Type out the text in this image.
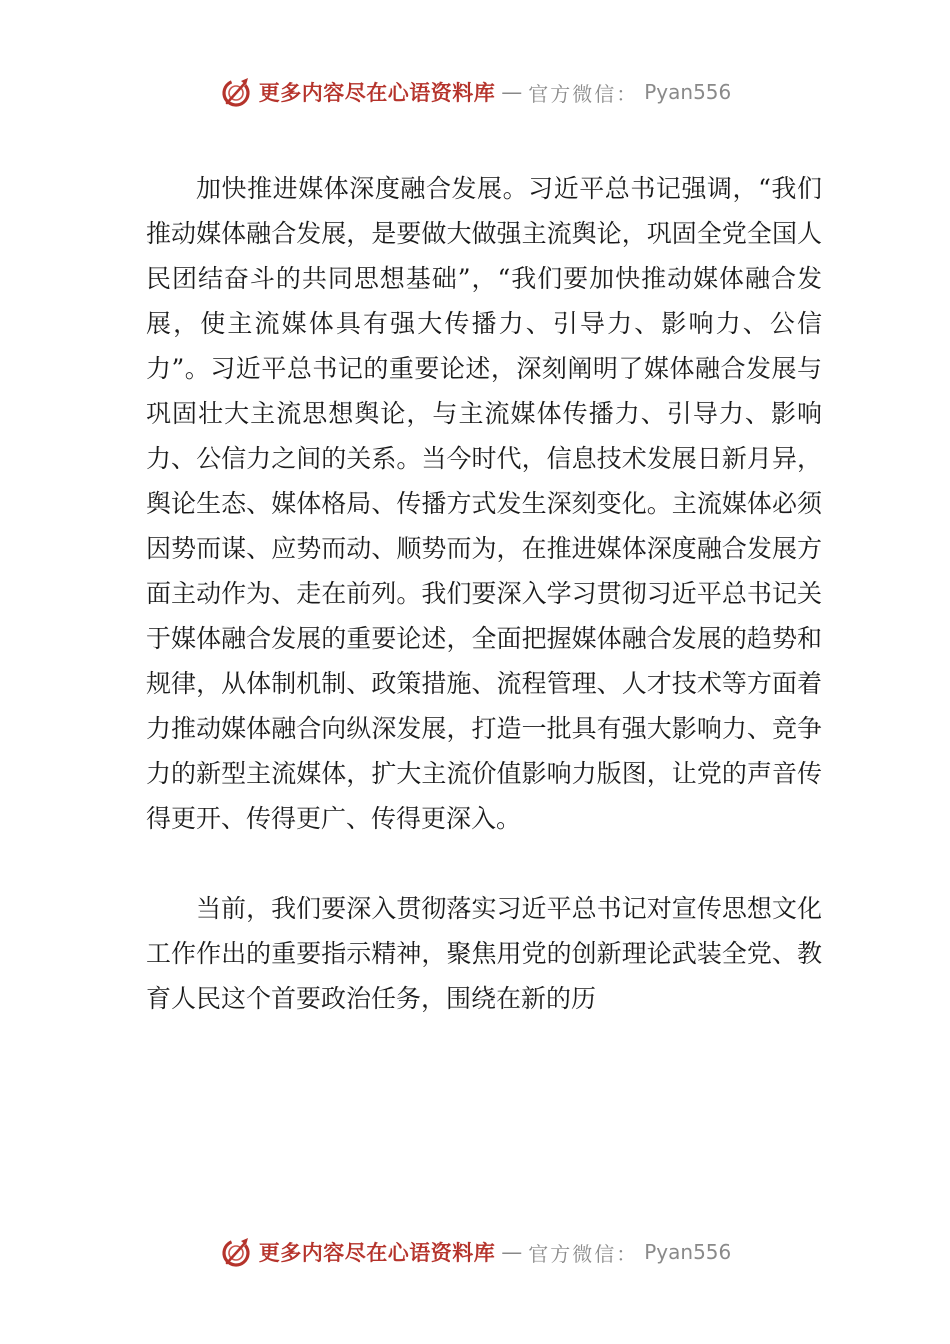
更多内容尽在心语资料库 — 官方微信： Pyan556

加快推进媒体深度融合发展。习近平总书记强调，“我们推动媒体融合发展，是要做大做强主流舆论，巩固全党全国人民团结奋斗的共同思想基础”，“我们要加快推动媒体融合发展，使主流媒体具有强大传播力、引导力、影响力、公信力”。习近平总书记的重要论述，深刻阐明了媒体融合发展与巩固壮大主流思想舆论，与主流媒体传播力、引导力、影响力、公信力之间的关系。当今时代，信息技术发展日新月异，舆论生态、媒体格局、传播方式发生深刻变化。主流媒体必须因势而谋、应势而动、顺势而为，在推进媒体深度融合发展方面主动作为、走在前列。我们要深入学习贯彻习近平总书记关于媒体融合发展的重要论述，全面把握媒体融合发展的趋势和规律，从体制机制、政策措施、流程管理、人才技术等方面着力推动媒体融合向纵深发展，打造一批具有强大影响力、竞争力的新型主流媒体，扩大主流价值影响力版图，让党的声音传得更开、传得更广、传得更深入。

当前，我们要深入贯彻落实习近平总书记对宣传思想文化工作作出的重要指示精神，聚焦用党的创新理论武装全党、教育人民这个首要政治任务，围绕在新的历

更多内容尽在心语资料库 — 官方微信： Pyan556
